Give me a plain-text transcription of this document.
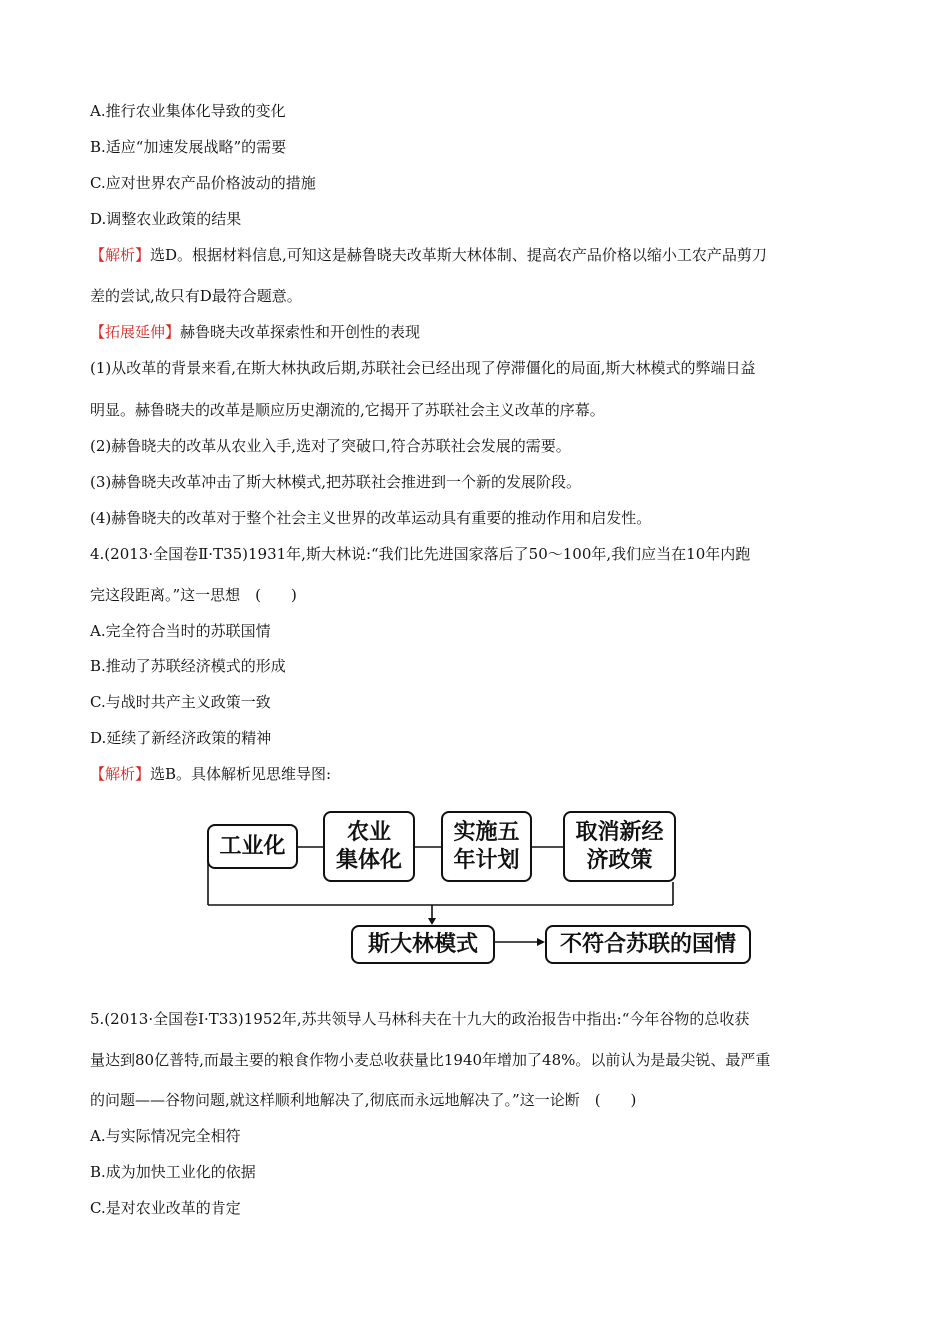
A.推行农业集体化导致的变化
B.适应“加速发展战略”的需要
C.应对世界农产品价格波动的措施
D.调整农业政策的结果
【解析】选D。根据材料信息,可知这是赫鲁晓夫改革斯大林体制、提高农产品价格以缩小工农产品剪刀
差的尝试,故只有D最符合题意。
【拓展延伸】赫鲁晓夫改革探索性和开创性的表现
(1)从改革的背景来看,在斯大林执政后期,苏联社会已经出现了停滞僵化的局面,斯大林模式的弊端日益
明显。赫鲁晓夫的改革是顺应历史潮流的,它揭开了苏联社会主义改革的序幕。
(2)赫鲁晓夫的改革从农业入手,选对了突破口,符合苏联社会发展的需要。
(3)赫鲁晓夫改革冲击了斯大林模式,把苏联社会推进到一个新的发展阶段。
(4)赫鲁晓夫的改革对于整个社会主义世界的改革运动具有重要的推动作用和启发性。
4.(2013·全国卷Ⅱ·T35)1931年,斯大林说:“我们比先进国家落后了50～100年,我们应当在10年内跑
完这段距离。”这一思想　(　　)
A.完全符合当时的苏联国情
B.推动了苏联经济模式的形成
C.与战时共产主义政策一致
D.延续了新经济政策的精神
【解析】选B。具体解析见思维导图:
工业化
农业
集体化
实施五
年计划
取消新经
济政策
斯大林模式	不符合苏联的国情
5.(2013·全国卷Ⅰ·T33)1952年,苏共领导人马林科夫在十九大的政治报告中指出:“今年谷物的总收获
量达到80亿普特,而最主要的粮食作物小麦总收获量比1940年增加了48%。以前认为是最尖锐、最严重
的问题——谷物问题,就这样顺利地解决了,彻底而永远地解决了。”这一论断　(　　)
A.与实际情况完全相符
B.成为加快工业化的依据
C.是对农业改革的肯定
